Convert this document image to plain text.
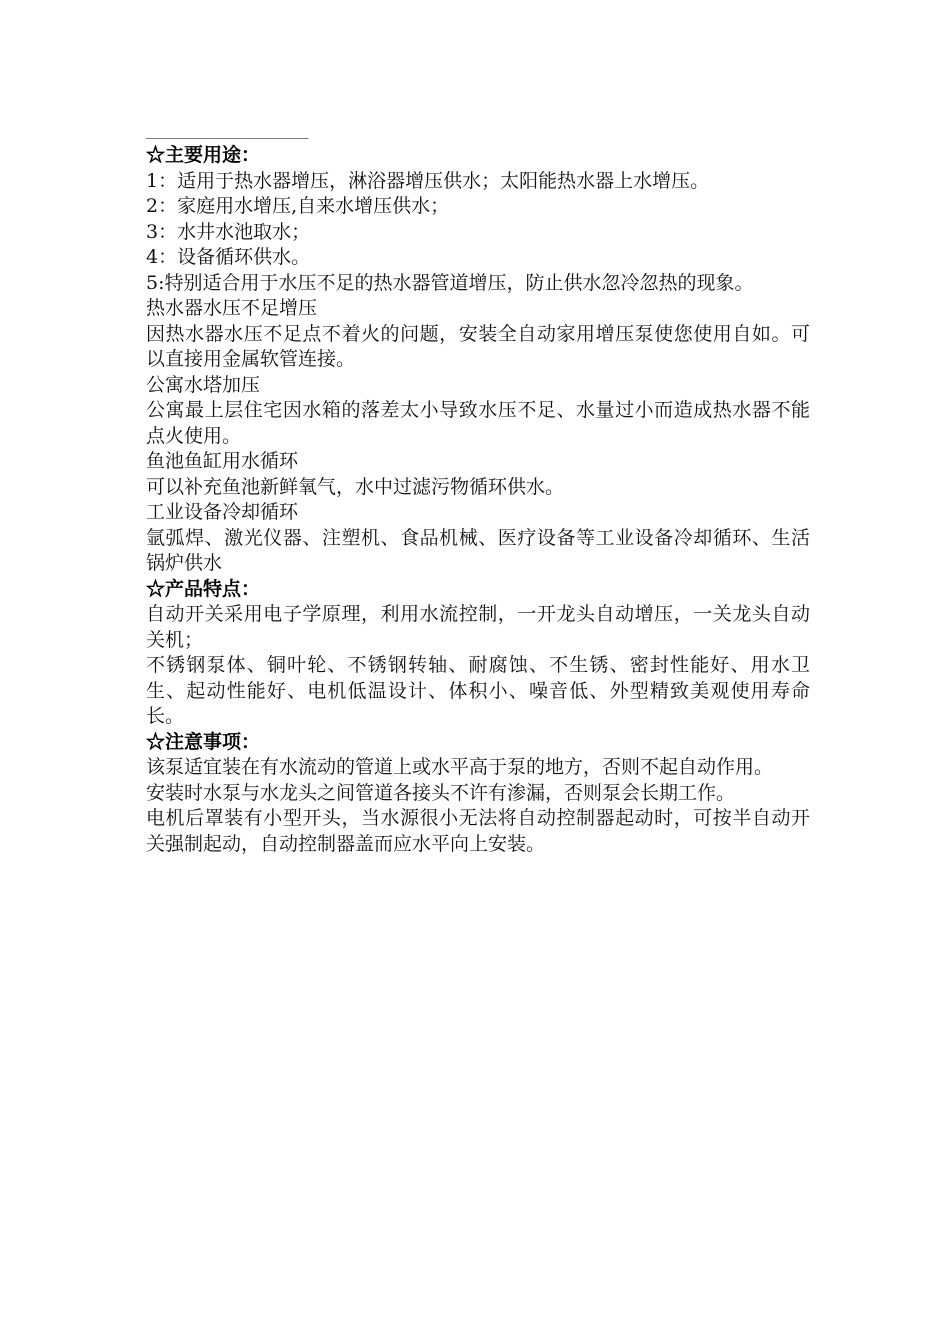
__________________
☆主要用途：

1：适用于热水器增压，淋浴器增压供水；太阳能热水器上水增压。

2：家庭用水增压,自来水增压供水；

3：水井水池取水；

4：设备循环供水。

5:特别适合用于水压不足的热水器管道增压，防止供水忽冷忽热的现象。

热水器水压不足增压

因热水器水压不足点不着火的问题，安装全自动家用增压泵使您使用自如。可以直接用金属软管连接。

公寓水塔加压

公寓最上层住宅因水箱的落差太小导致水压不足、水量过小而造成热水器不能点火使用。

鱼池鱼缸用水循环

可以补充鱼池新鲜氧气，水中过滤污物循环供水。

工业设备冷却循环

氩弧焊、激光仪器、注塑机、食品机械、医疗设备等工业设备冷却循环、生活锅炉供水

☆产品特点：

自动开关采用电子学原理，利用水流控制，一开龙头自动增压，一关龙头自动关机；

不锈钢泵体、铜叶轮、不锈钢转轴、耐腐蚀、不生锈、密封性能好、用水卫生、起动性能好、电机低温设计、体积小、噪音低、外型精致美观使用寿命长。

☆注意事项：

该泵适宜装在有水流动的管道上或水平高于泵的地方，否则不起自动作用。

安装时水泵与水龙头之间管道各接头不许有渗漏，否则泵会长期工作。

电机后罩装有小型开头，当水源很小无法将自动控制器起动时，可按半自动开关强制起动，自动控制器盖而应水平向上安装。
